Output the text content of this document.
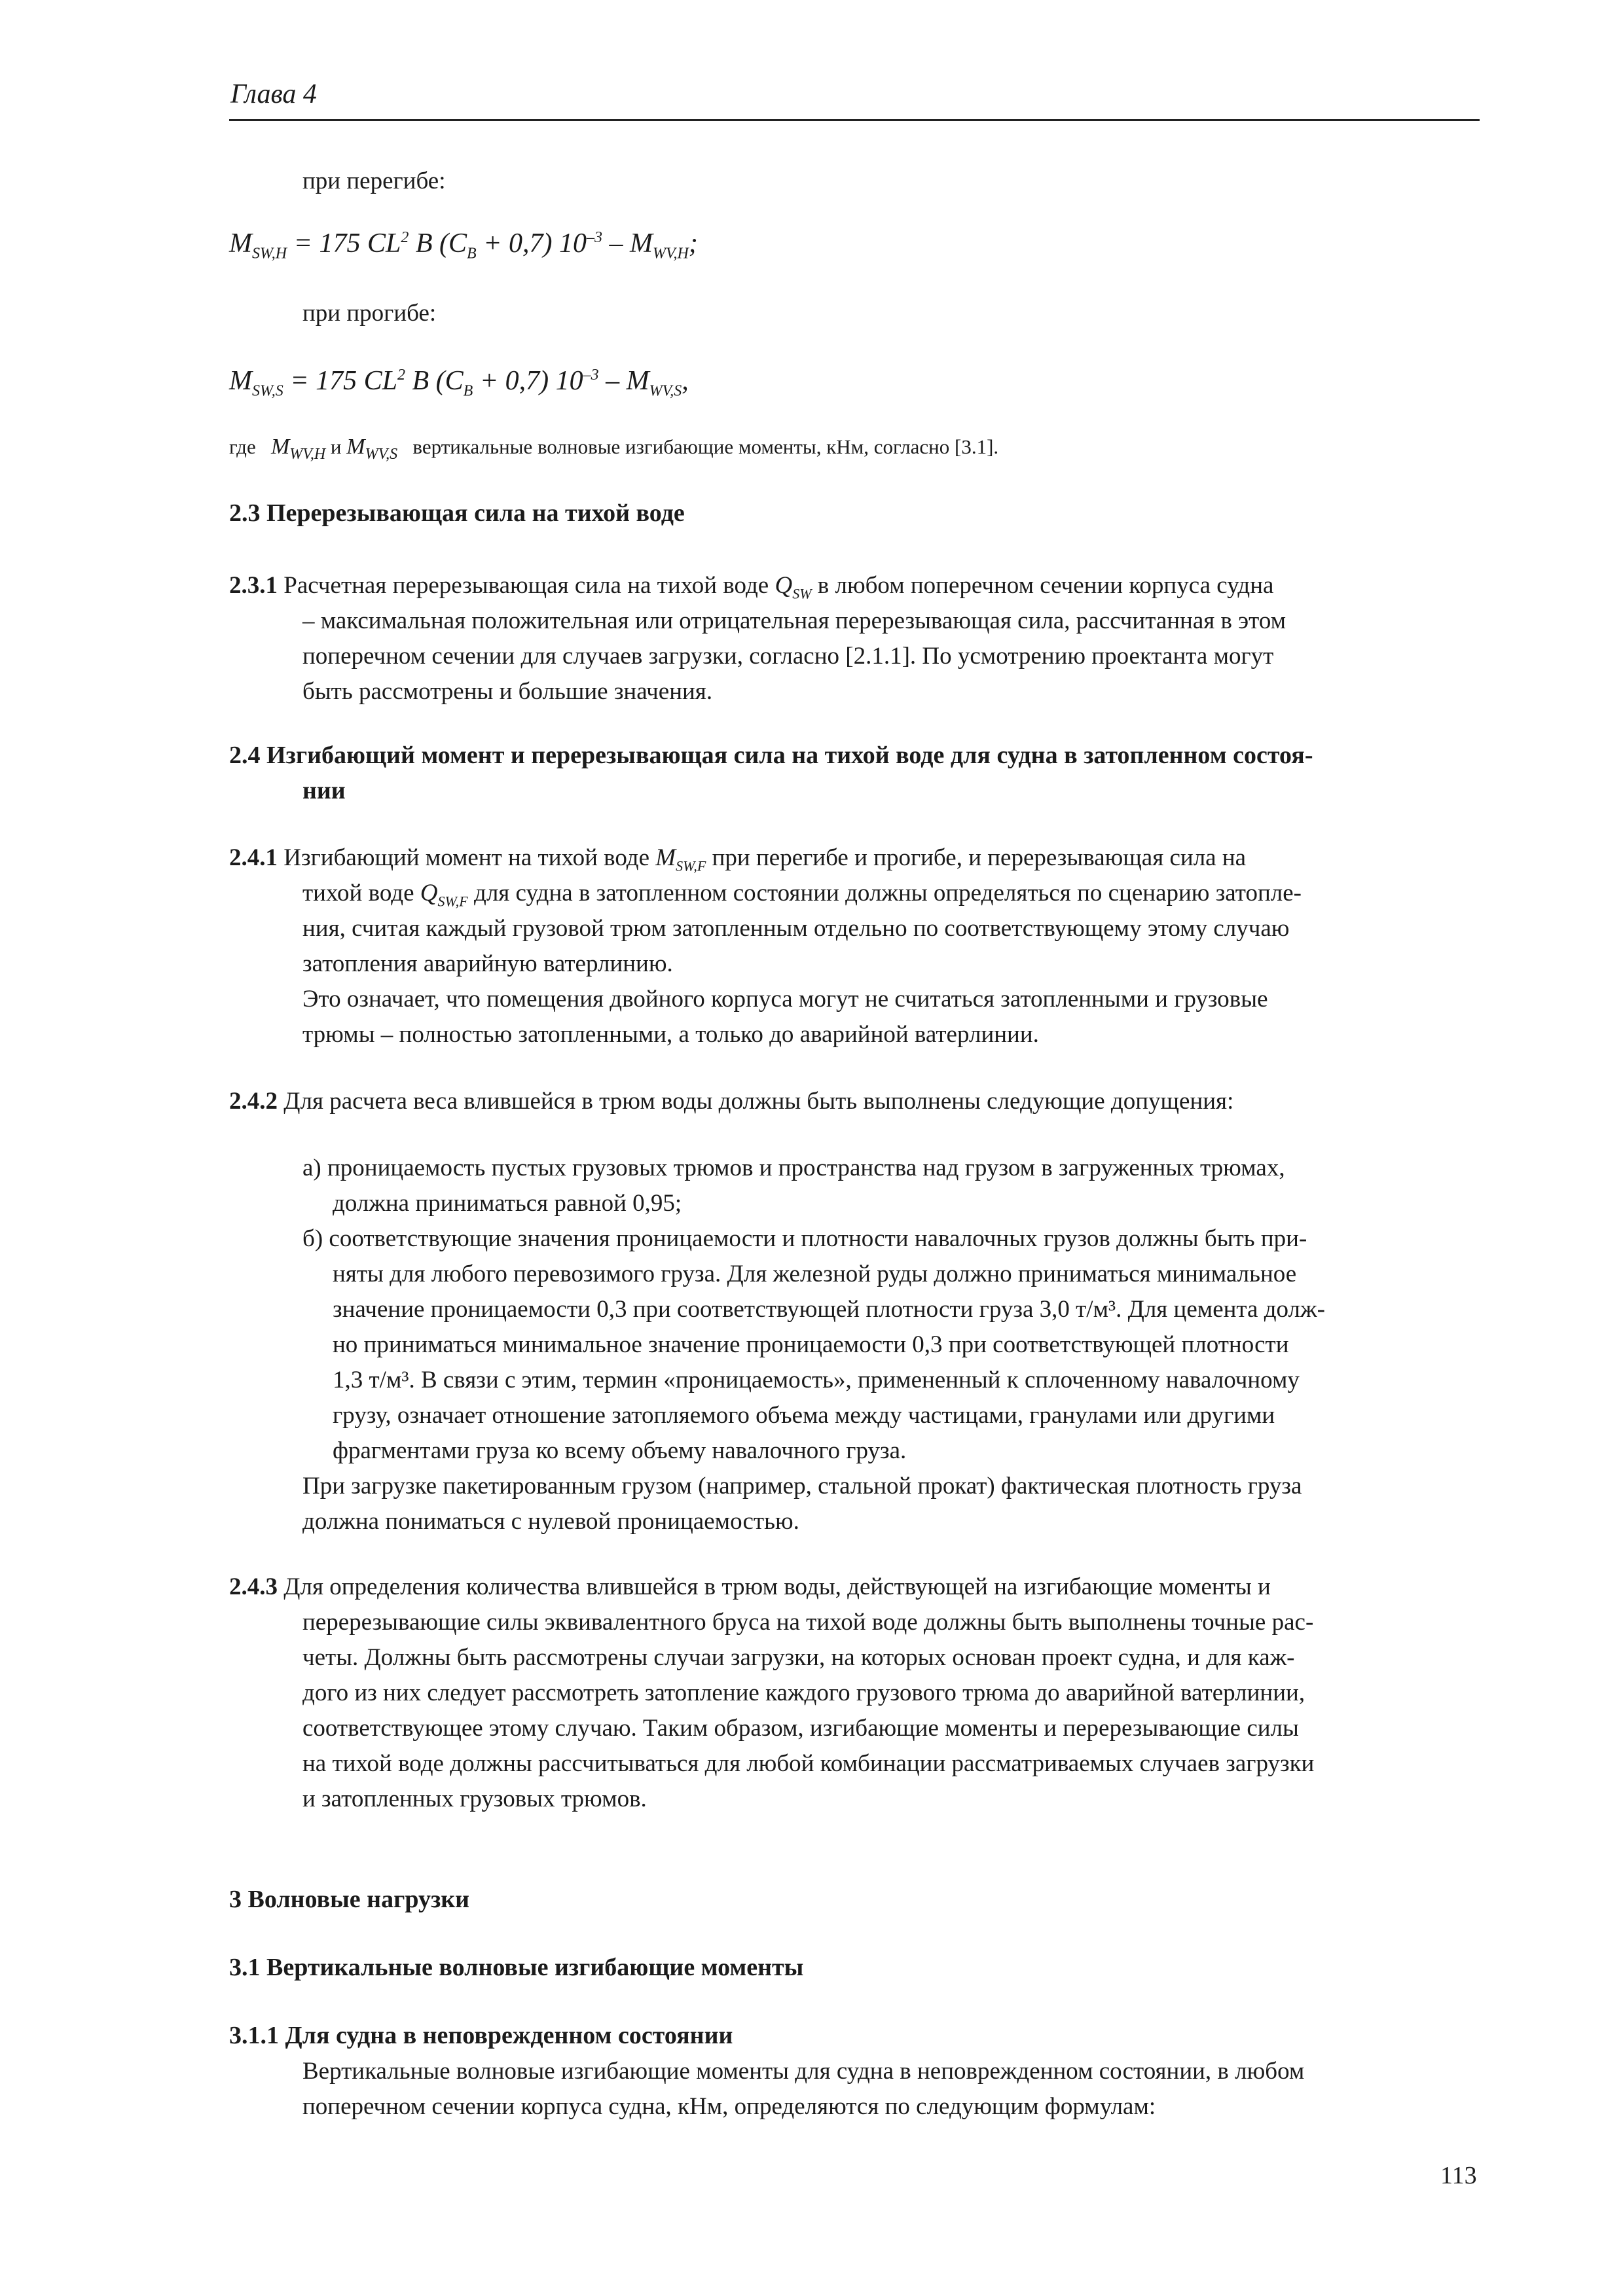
Глава 4
при перегибе:
$M_{SW,H} = 175$ $CL^2$ B $(C_B + 0,7)$ $10^{-3} - M_{WV,H}$;
при прогибе:
$M_{SW,S} = 175$ $CL^2$ B $(C_B + 0,7)$ $10^{-3} - M_{WV,S}$,
где $M_{WV,H}$ и $M_{WV,S}$ вертикальные волновые изгибающие моменты, кНм, согласно [3.1].
2.3 Перерезывающая сила на тихой воде
2.3.1 Расчетная перерезывающая сила на тихой воде $Q_{SW}$ в любом поперечном сечении корпуса судна
– максимальная положительная или отрицательная перерезывающая сила, рассчитанная в этом
поперечном сечении для случаев загрузки, согласно [2.1.1]. По усмотрению проектанта могут
быть рассмотрены и большие значения.
2.4 Изгибающий момент и перерезывающая сила на тихой воде для судна в затопленном состоя-
нии
2.4.1 Изгибающий момент на тихой воде $M_{SW,F}$ при перегибе и прогибе, и перерезывающая сила на
тихой воде $Q_{SW,F}$ для судна в затопленном состоянии должны определяться по сценарию затопле-
ния, считая каждый грузовой трюм затопленным отдельно по соответствующему этому случаю
затопления аварийную ватерлинию.
Это означает, что помещения двойного корпуса могут не считаться затопленными и грузовые
трюмы – полностью затопленными, а только до аварийной ватерлинии.
2.4.2 Для расчета веса влившейся в трюм воды должны быть выполнены следующие допущения:
а) проницаемость пустых грузовых трюмов и пространства над грузом в загруженных трюмах,
должна приниматься равной 0,95;
б) соответствующие значения проницаемости и плотности навалочных грузов должны быть при-
няты для любого перевозимого груза. Для железной руды должно приниматься минимальное
значение проницаемости 0,3 при соответствующей плотности груза 3,0 т/м³. Для цемента долж-
но приниматься минимальное значение проницаемости 0,3 при соответствующей плотности
1,3 т/м³. В связи с этим, термин «проницаемость», примененный к сплоченному навалочному
грузу, означает отношение затопляемого объема между частицами, гранулами или другими
фрагментами груза ко всему объему навалочного груза.
При загрузке пакетированным грузом (например, стальной прокат) фактическая плотность груза
должна пониматься с нулевой проницаемостью.
2.4.3 Для определения количества влившейся в трюм воды, действующей на изгибающие моменты и
перерезывающие силы эквивалентного бруса на тихой воде должны быть выполнены точные рас-
четы. Должны быть рассмотрены случаи загрузки, на которых основан проект судна, и для каж-
дого из них следует рассмотреть затопление каждого грузового трюма до аварийной ватерлинии,
соответствующее этому случаю. Таким образом, изгибающие моменты и перерезывающие силы
на тихой воде должны рассчитываться для любой комбинации рассматриваемых случаев загрузки
и затопленных грузовых трюмов.
3 Волновые нагрузки
3.1 Вертикальные волновые изгибающие моменты
3.1.1 Для судна в неповрежденном состоянии
Вертикальные волновые изгибающие моменты для судна в неповрежденном состоянии, в любом
поперечном сечении корпуса судна, кНм, определяются по следующим формулам:
113
